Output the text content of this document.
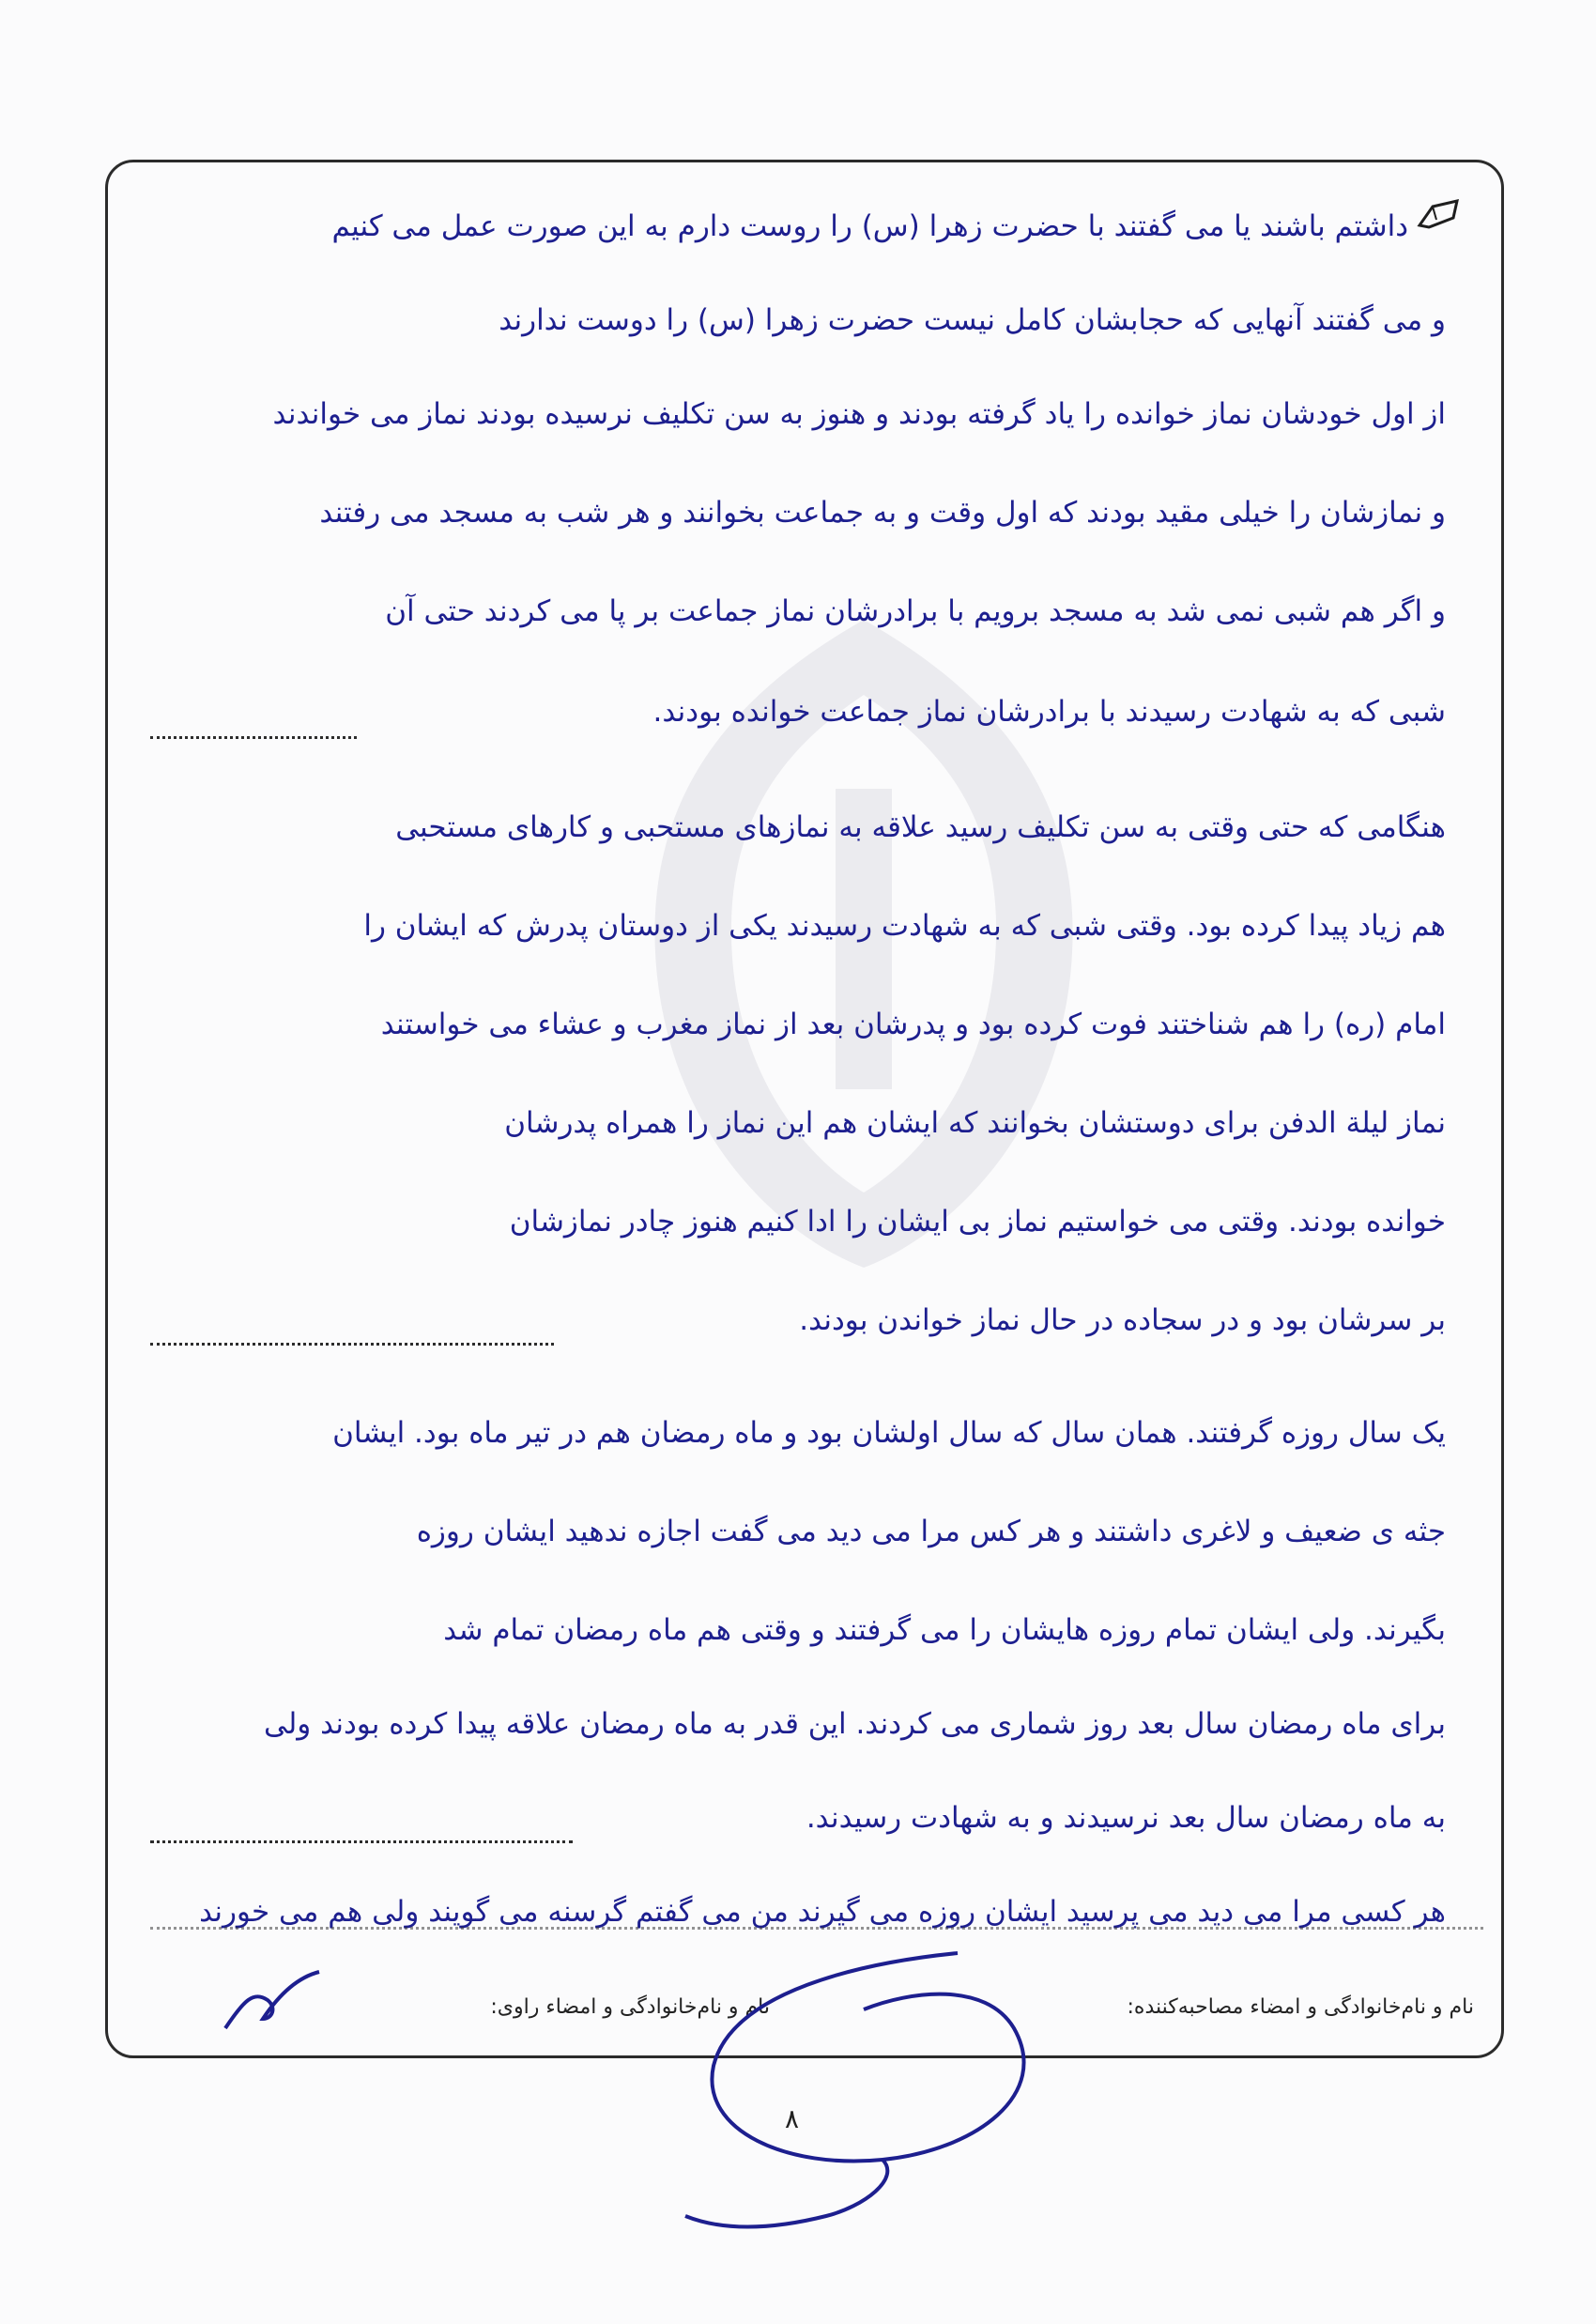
داشتم باشند یا می گفتند با حضرت زهرا (س) را روست دارم به این صورت عمل می کنیم
و می گفتند آنهایی که حجابشان کامل نیست حضرت زهرا (س) را دوست ندارند
از اول خودشان نماز خوانده را یاد گرفته بودند و هنوز به سن تکلیف نرسیده بودند نماز می خواندند
و نمازشان را خیلی مقید بودند که اول وقت و به جماعت بخوانند و هر شب به مسجد می رفتند
و اگر هم شبی نمی شد به مسجد برویم با برادرشان نماز جماعت بر پا می کردند حتی آن
شبی که به شهادت رسیدند با برادرشان نماز جماعت خوانده بودند.
هنگامی که حتی وقتی به سن تکلیف رسید علاقه به نمازهای مستحبی و کارهای مستحبی
هم زیاد پیدا کرده بود. وقتی شبی که به شهادت رسیدند یکی از دوستان پدرش که ایشان را
امام (ره) را هم شناختند فوت کرده بود و پدرشان بعد از نماز مغرب و عشاء می خواستند
نماز لیلة الدفن برای دوستشان بخوانند که ایشان هم این نماز را همراه پدرشان
خوانده بودند. وقتی می خواستیم نماز بی ایشان را ادا کنیم هنوز چادر نمازشان
بر سرشان بود و در سجاده در حال نماز خواندن بودند.
یک سال روزه گرفتند. همان سال که سال اولشان بود و ماه رمضان هم در تیر ماه بود. ایشان
جثه ی ضعیف و لاغری داشتند و هر کس مرا می دید می گفت اجازه ندهید ایشان روزه
بگیرند. ولی ایشان تمام روزه هایشان را می گرفتند و وقتی هم ماه رمضان تمام شد
برای ماه رمضان سال بعد روز شماری می کردند. این قدر به ماه رمضان علاقه پیدا کرده بودند ولی
به ماه رمضان سال بعد نرسیدند و به شهادت رسیدند.
هر کسی مرا می دید می پرسید ایشان روزه می گیرند من می گفتم گرسنه می گویند ولی هم می خورند
نام و نام‌خانوادگی و امضاء مصاحبه‌کننده:
نام و نام‌خانوادگی و امضاء راوی:
۸
